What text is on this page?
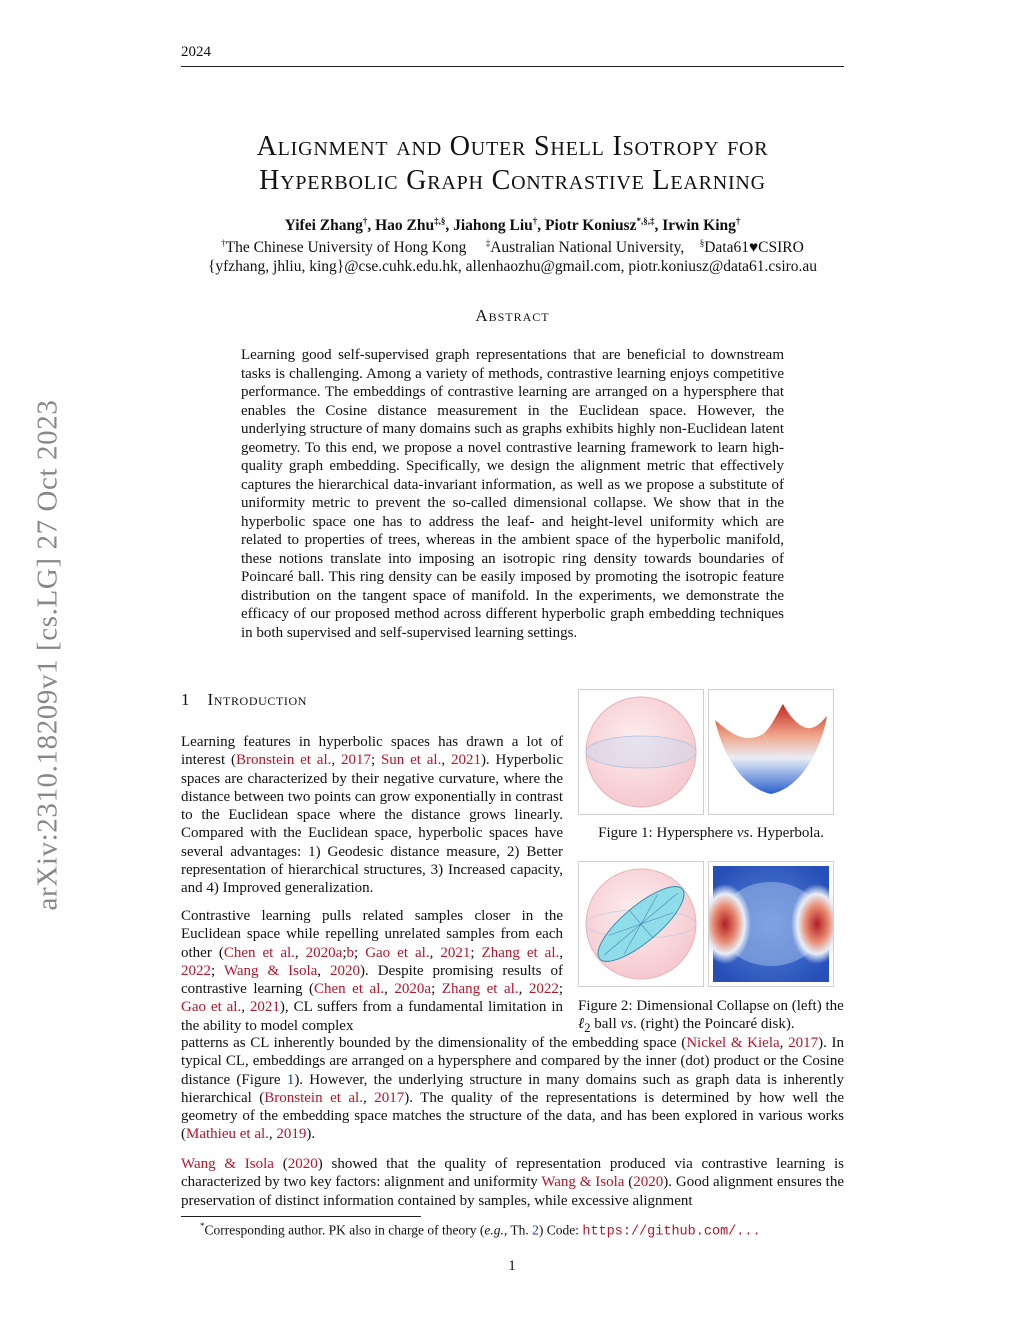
2024
arXiv:2310.18209v1 [cs.LG] 27 Oct 2023
Alignment and Outer Shell Isotropy for
Hyperbolic Graph Contrastive Learning
Yifei Zhang†, Hao Zhu‡,§, Jiahong Liu†, Piotr Koniusz*,§,‡, Irwin King†
†The Chinese University of Hong Kong ‡Australian National University, §Data61♥CSIRO
{yfzhang, jhliu, king}@cse.cuhk.edu.hk, allenhaozhu@gmail.com, piotr.koniusz@data61.csiro.au
Abstract
Learning good self-supervised graph representations that are beneficial to downstream tasks is challenging. Among a variety of methods, contrastive learning enjoys competitive performance. The embeddings of contrastive learning are arranged on a hypersphere that enables the Cosine distance measurement in the Euclidean space. However, the underlying structure of many domains such as graphs exhibits highly non-Euclidean latent geometry. To this end, we propose a novel contrastive learning framework to learn high-quality graph embedding. Specifically, we design the alignment metric that effectively captures the hierarchical data-invariant information, as well as we propose a substitute of uniformity metric to prevent the so-called dimensional collapse. We show that in the hyperbolic space one has to address the leaf- and height-level uniformity which are related to properties of trees, whereas in the ambient space of the hyperbolic manifold, these notions translate into imposing an isotropic ring density towards boundaries of Poincaré ball. This ring density can be easily imposed by promoting the isotropic feature distribution on the tangent space of manifold. In the experiments, we demonstrate the efficacy of our proposed method across different hyperbolic graph embedding techniques in both supervised and self-supervised learning settings.
1 Introduction
Learning features in hyperbolic spaces has drawn a lot of interest (Bronstein et al., 2017; Sun et al., 2021). Hyperbolic spaces are characterized by their negative curvature, where the distance between two points can grow exponentially in contrast to the Euclidean space where the distance grows linearly. Compared with the Euclidean space, hyperbolic spaces have several advantages: 1) Geodesic distance measure, 2) Better representation of hierarchical structures, 3) Increased capacity, and 4) Improved generalization.
Contrastive learning pulls related samples closer in the Euclidean space while repelling unrelated samples from each other (Chen et al., 2020a;b; Gao et al., 2021; Zhang et al., 2022; Wang & Isola, 2020). Despite promising results of contrastive learning (Chen et al., 2020a; Zhang et al., 2022; Gao et al., 2021), CL suffers from a fundamental limitation in the ability to model complex
patterns as CL inherently bounded by the dimensionality of the embedding space (Nickel & Kiela, 2017). In typical CL, embeddings are arranged on a hypersphere and compared by the inner (dot) product or the Cosine distance (Figure 1). However, the underlying structure in many domains such as graph data is inherently hierarchical (Bronstein et al., 2017). The quality of the representations is determined by how well the geometry of the embedding space matches the structure of the data, and has been explored in various works (Mathieu et al., 2019).
Wang & Isola (2020) showed that the quality of representation produced via contrastive learning is characterized by two key factors: alignment and uniformity Wang & Isola (2020). Good alignment ensures the preservation of distinct information contained by samples, while excessive alignment
Figure 1: Hypersphere vs. Hyperbola.
Figure 2: Dimensional Collapse on (left) the ℓ$_2$ ball vs. (right) the Poincaré disk).
*Corresponding author. PK also in charge of theory (e.g., Th. 2) Code: https://github.com/...
1
